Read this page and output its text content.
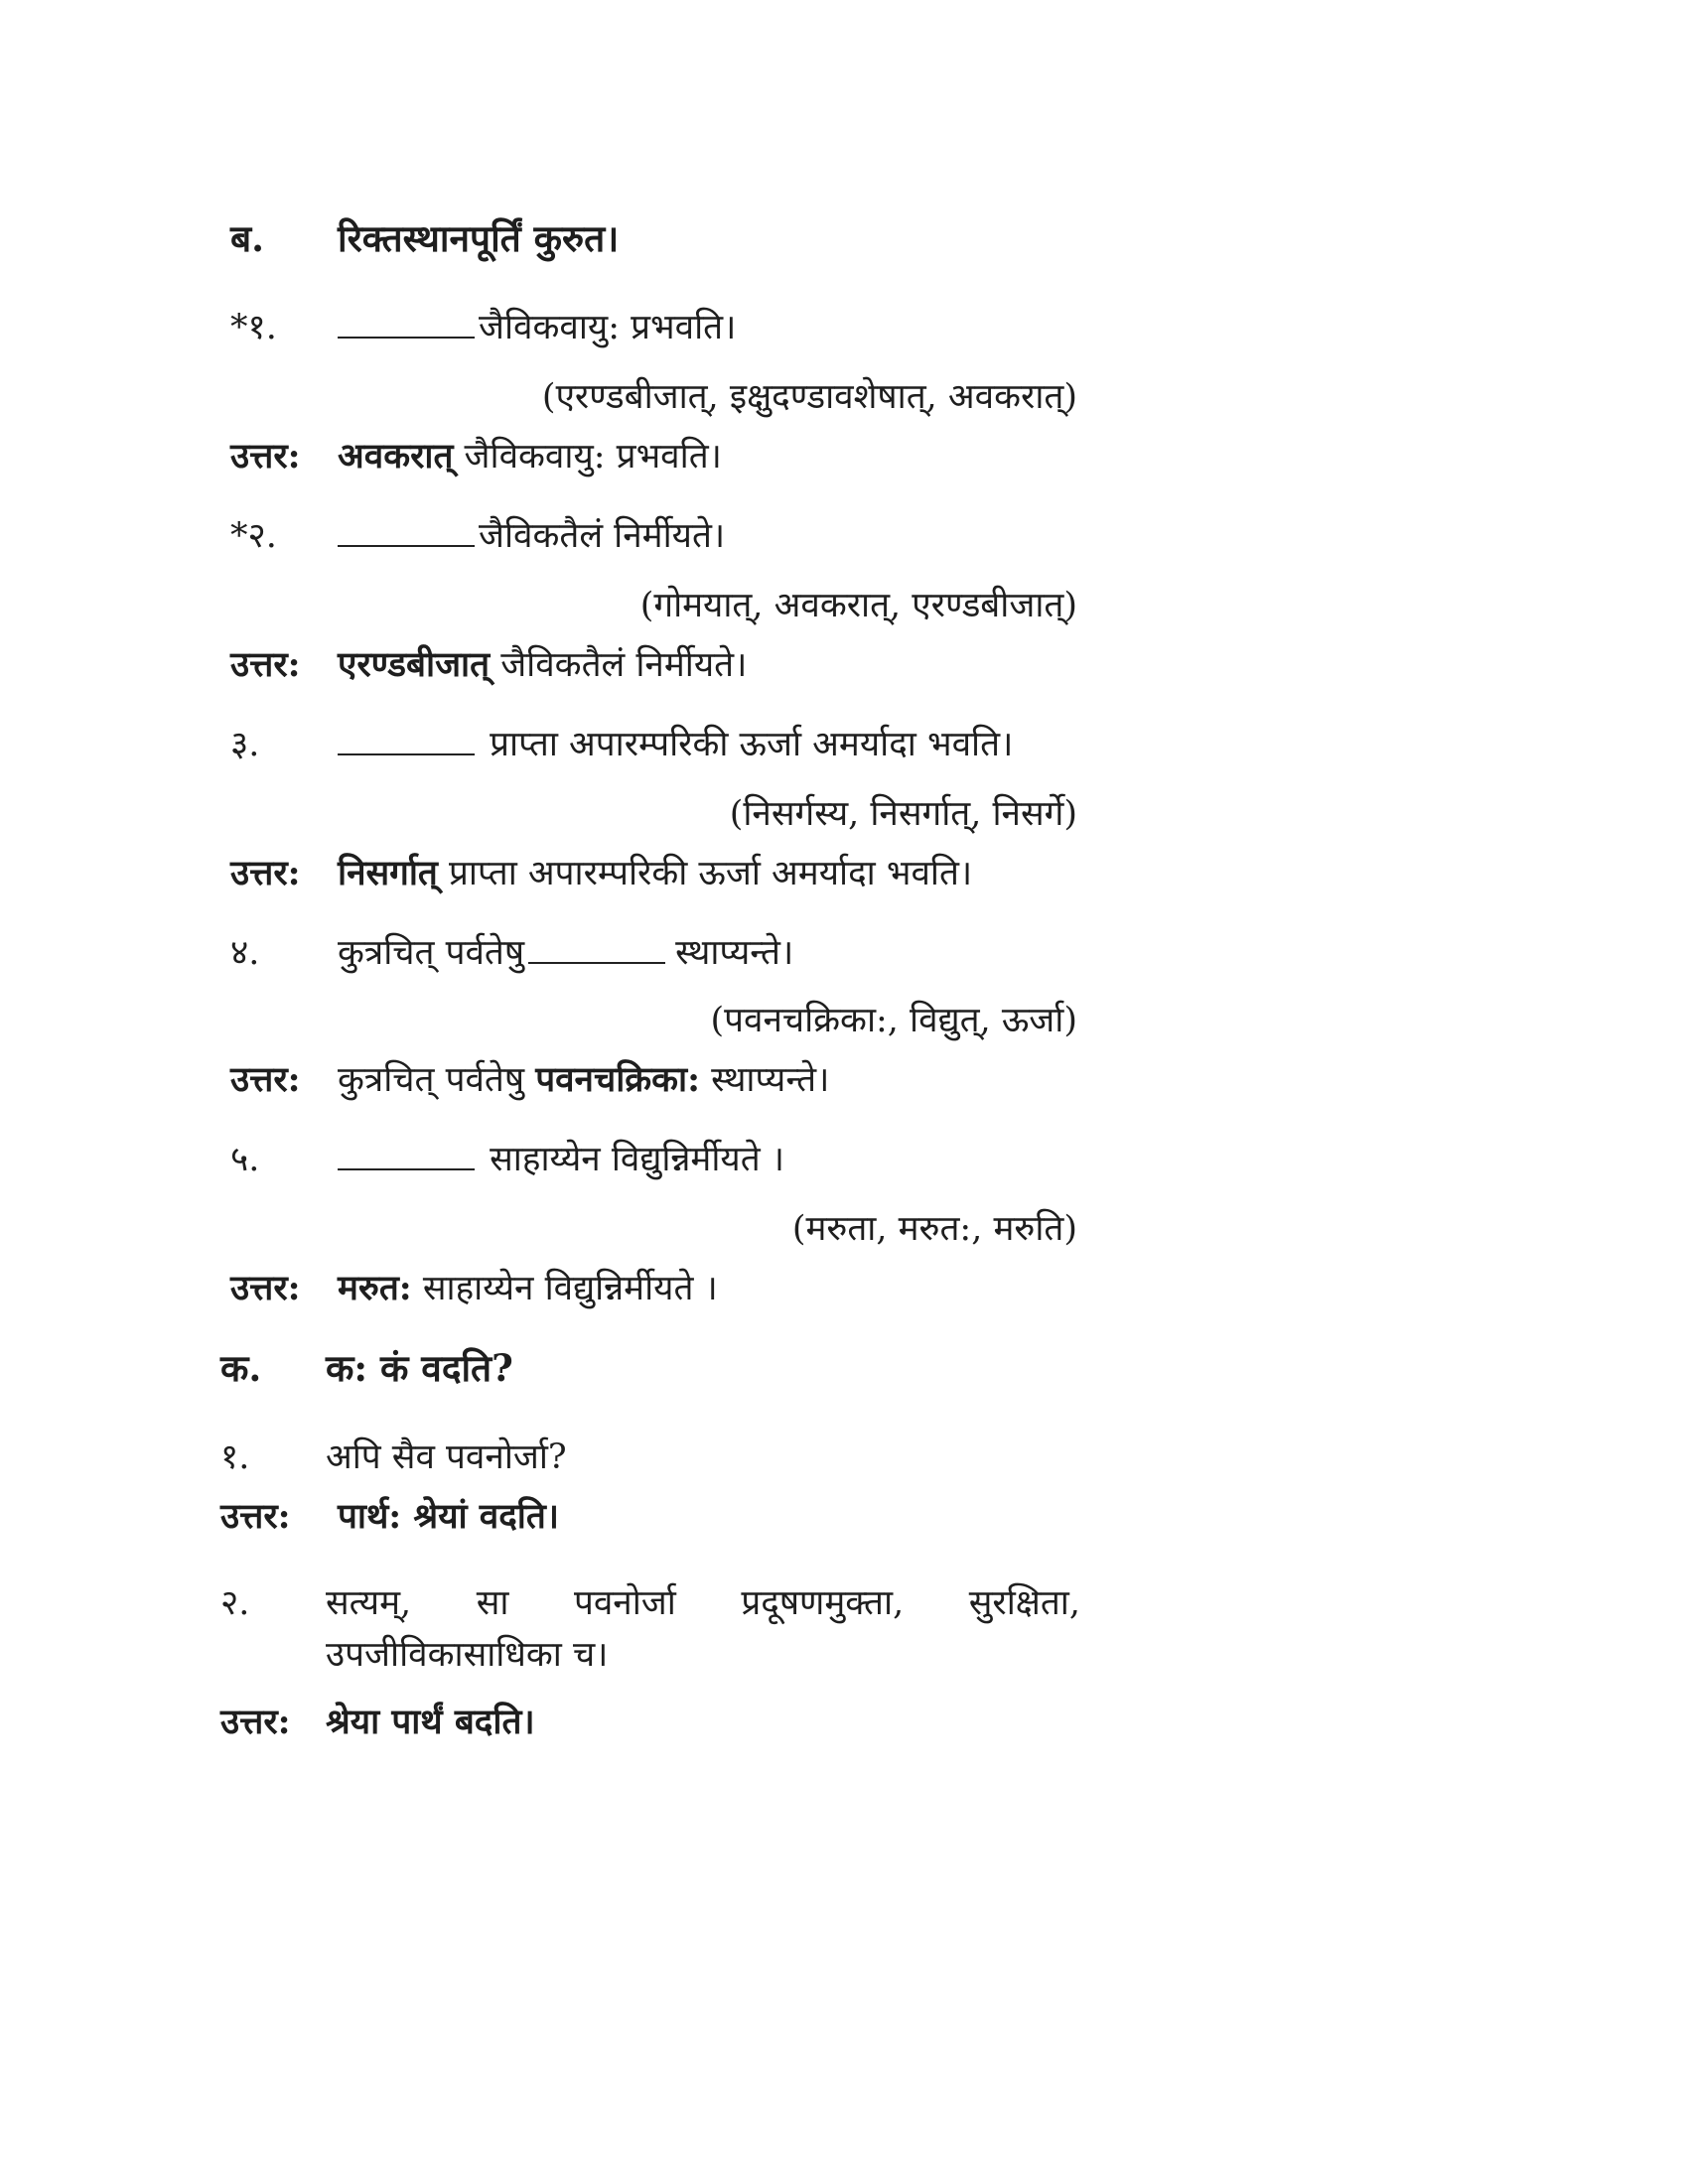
ब. रिक्तस्थानपूर्तिं कुरुत।
*१.	जैविकवायु: प्रभवति।
(एरण्डबीजात्, इक्षुदण्डावशेषात्, अवकरात्)
उत्तर: अवकरात् जैविकवायु: प्रभवति।
*२.	जैविकतैलं निर्मीयते।
(गोमयात्, अवकरात्, एरण्डबीजात्)
उत्तर: एरण्डबीजात् जैविकतैलं निर्मीयते।
३.	प्राप्ता अपारम्परिकी ऊर्जा अमर्यादा भवति।
(निसर्गस्य, निसर्गात्, निसर्गे)
उत्तर: निसर्गात् प्राप्ता अपारम्परिकी ऊर्जा अमर्यादा भवति।
४. कुत्रचित् पर्वतेषु	स्थाप्यन्ते।
(पवनचक्रिका:, विद्युत्, ऊर्जा)
उत्तर: कुत्रचित् पर्वतेषु पवनचक्रिका: स्थाप्यन्ते।
५.	साहाय्येन विद्युन्निर्मीयते ।
(मरुता, मरुत:, मरुति)
उत्तर: मरुत: साहाय्येन विद्युन्निर्मीयते ।
क. क: कं वदति?
१. अपि सैव पवनोर्जा?
उत्तर: पार्थ: श्रेयां वदति।
२. सत्यम्, सा पवनोर्जा प्रदूषणमुक्ता, सुरक्षिता,
उपजीविकासाधिका च।
उत्तर: श्रेया पार्थं बदति।
